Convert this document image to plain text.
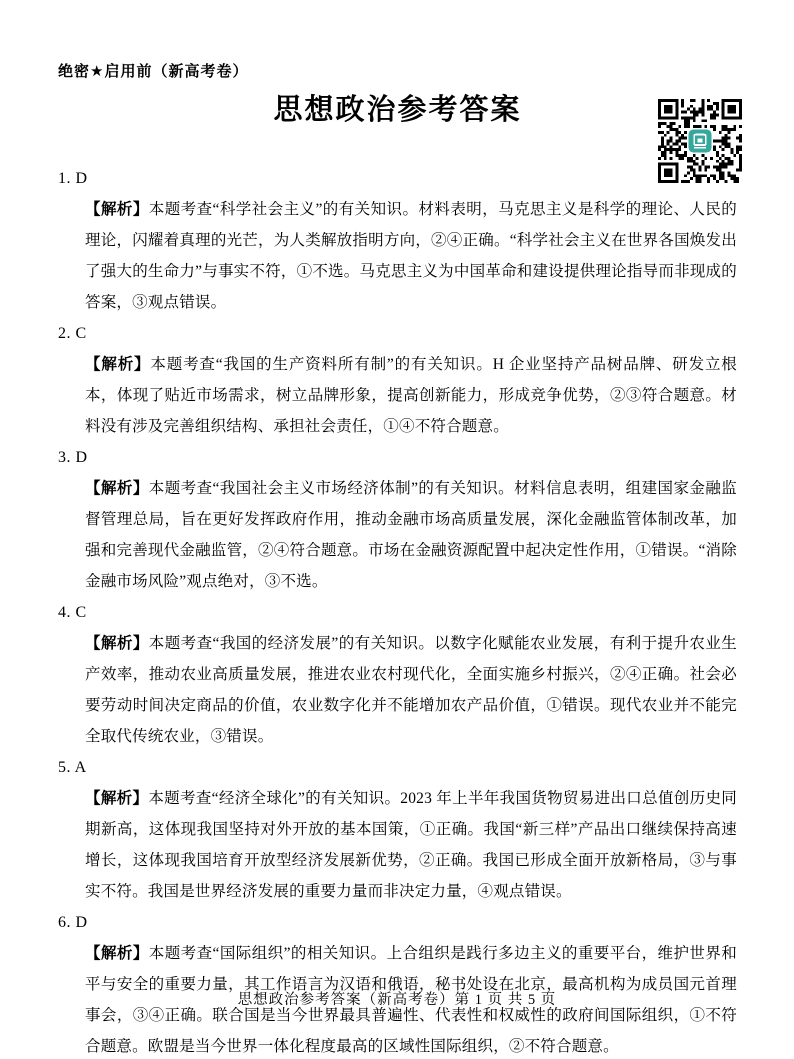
绝密★启用前（新高考卷）
思想政治参考答案
1. D

【解析】本题考查“科学社会主义”的有关知识。材料表明，马克思主义是科学的理论、人民的理论，闪耀着真理的光芒，为人类解放指明方向，②④正确。“科学社会主义在世界各国焕发出了强大的生命力”与事实不符，①不选。马克思主义为中国革命和建设提供理论指导而非现成的答案，③观点错误。

2. C

【解析】本题考查“我国的生产资料所有制”的有关知识。H 企业坚持产品树品牌、研发立根本，体现了贴近市场需求，树立品牌形象，提高创新能力，形成竞争优势，②③符合题意。材料没有涉及完善组织结构、承担社会责任，①④不符合题意。

3. D

【解析】本题考查“我国社会主义市场经济体制”的有关知识。材料信息表明，组建国家金融监督管理总局，旨在更好发挥政府作用，推动金融市场高质量发展，深化金融监管体制改革，加强和完善现代金融监管，②④符合题意。市场在金融资源配置中起决定性作用，①错误。“消除金融市场风险”观点绝对，③不选。

4. C

【解析】本题考查“我国的经济发展”的有关知识。以数字化赋能农业发展，有利于提升农业生产效率，推动农业高质量发展，推进农业农村现代化，全面实施乡村振兴，②④正确。社会必要劳动时间决定商品的价值，农业数字化并不能增加农产品价值，①错误。现代农业并不能完全取代传统农业，③错误。

5. A

【解析】本题考查“经济全球化”的有关知识。2023 年上半年我国货物贸易进出口总值创历史同期新高，这体现我国坚持对外开放的基本国策，①正确。我国“新三样”产品出口继续保持高速增长，这体现我国培育开放型经济发展新优势，②正确。我国已形成全面开放新格局，③与事实不符。我国是世界经济发展的重要力量而非决定力量，④观点错误。

6. D

【解析】本题考查“国际组织”的相关知识。上合组织是践行多边主义的重要平台，维护世界和平与安全的重要力量，其工作语言为汉语和俄语，秘书处设在北京，最高机构为成员国元首理事会，③④正确。联合国是当今世界最具普遍性、代表性和权威性的政府间国际组织，①不符合题意。欧盟是当今世界一体化程度最高的区域性国际组织，②不符合题意。

思想政治参考答案（新高考卷）第 1 页 共 5 页
